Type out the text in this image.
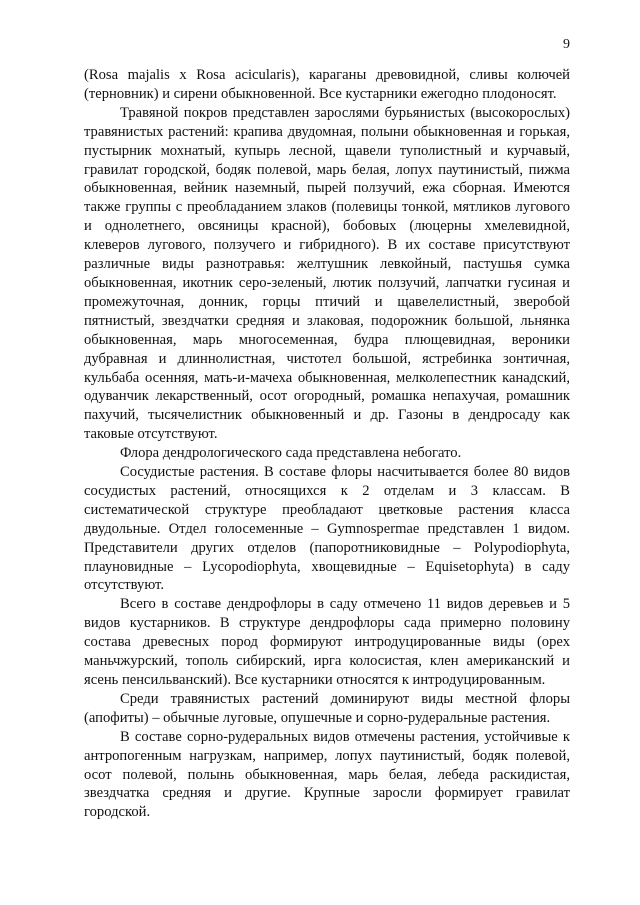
9

(Rosa majalis x Rosa acicularis), караганы древовидной, сливы колючей (терновник) и сирени обыкновенной. Все кустарники ежегодно плодоносят.

Травяной покров представлен зарослями бурьянистых (высокорослых) травянистых растений: крапива двудомная, полыни обыкновенная и горькая, пустырник мохнатый, купырь лесной, щавели туполистный и курчавый, гравилат городской, бодяк полевой, марь белая, лопух паутинистый, пижма обыкновенная, вейник наземный, пырей ползучий, ежа сборная. Имеются также группы с преобладанием злаков (полевицы тонкой, мятликов лугового и однолетнего, овсяницы красной), бобовых (люцерны хмелевидной, клеверов лугового, ползучего и гибридного). В их составе присутствуют различные виды разнотравья: желтушник левкойный, пастушья сумка обыкновенная, икотник серо-зеленый, лютик ползучий, лапчатки гусиная и промежуточная, донник, горцы птичий и щавелелистный, зверобой пятнистый, звездчатки средняя и злаковая, подорожник большой, льнянка обыкновенная, марь многосеменная, будра плющевидная, вероники дубравная и длиннолистная, чистотел большой, ястребинка зонтичная, кульбаба осенняя, мать-и-мачеха обыкновенная, мелколепестник канадский, одуванчик лекарственный, осот огородный, ромашка непахучая, ромашник пахучий, тысячелистник обыкновенный и др. Газоны в дендросаду как таковые отсутствуют.

Флора дендрологического сада представлена небогато.

Сосудистые растения. В составе флоры насчитывается более 80 видов сосудистых растений, относящихся к 2 отделам и 3 классам. В систематической структуре преобладают цветковые растения класса двудольные. Отдел голосеменные – Gymnospermae представлен 1 видом. Представители других отделов (папоротниковидные – Polypodiophyta, плауновидные – Lycopodiophyta, хвощевидные – Equisetophyta) в саду отсутствуют.

Всего в составе дендрофлоры в саду отмечено 11 видов деревьев и 5 видов кустарников. В структуре дендрофлоры сада примерно половину состава древесных пород формируют интродуцированные виды (орех маньчжурский, тополь сибирский, ирга колосистая, клен американский и ясень пенсильванский). Все кустарники относятся к интродуцированным.

Среди травянистых растений доминируют виды местной флоры (апофиты) – обычные луговые, опушечные и сорно-рудеральные растения.

В составе сорно-рудеральных видов отмечены растения, устойчивые к антропогенным нагрузкам, например, лопух паутинистый, бодяк полевой, осот полевой, полынь обыкновенная, марь белая, лебеда раскидистая, звездчатка средняя и другие. Крупные заросли формирует гравилат городской.
